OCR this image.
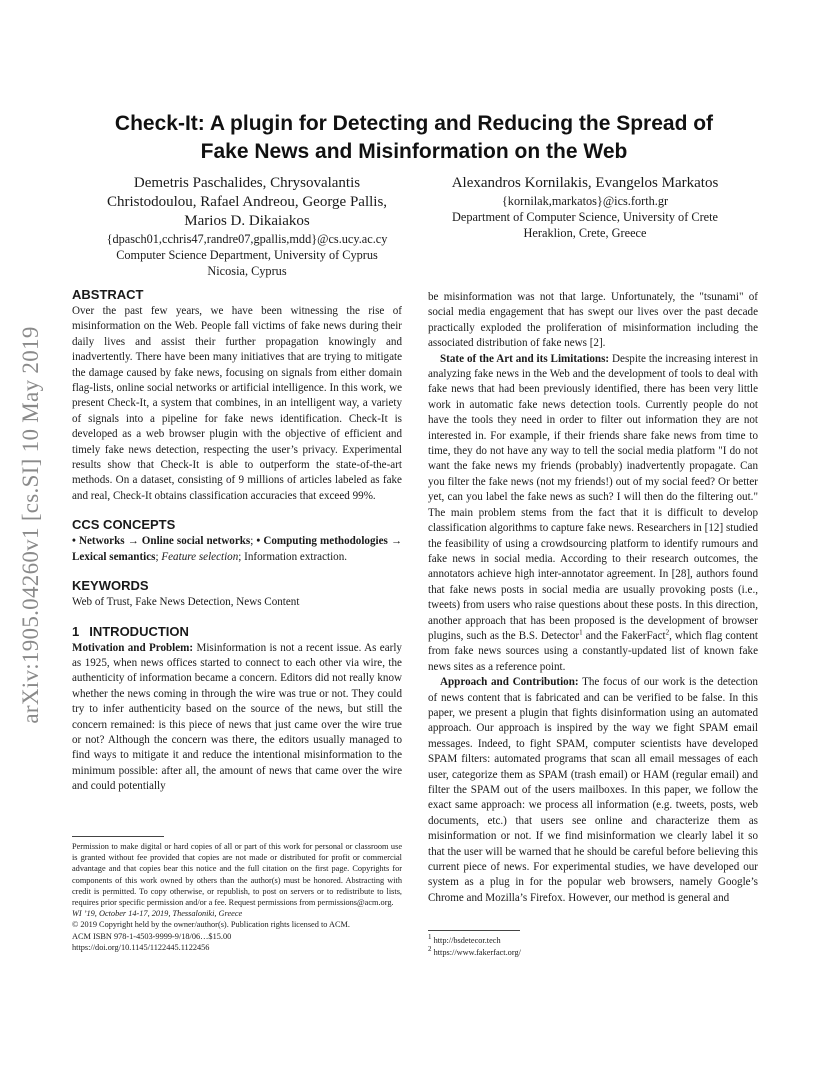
arXiv:1905.04260v1 [cs.SI] 10 May 2019
Check-It: A plugin for Detecting and Reducing the Spread of
Fake News and Misinformation on the Web
Demetris Paschalides, Chrysovalantis
Christodoulou, Rafael Andreou, George Pallis,
Marios D. Dikaiakos
{dpasch01,cchris47,randre07,gpallis,mdd}@cs.ucy.ac.cy
Computer Science Department, University of Cyprus
Nicosia, Cyprus
Alexandros Kornilakis, Evangelos Markatos
{kornilak,markatos}@ics.forth.gr
Department of Computer Science, University of Crete
Heraklion, Crete, Greece
ABSTRACT

Over the past few years, we have been witnessing the rise of misinformation on the Web. People fall victims of fake news during their daily lives and assist their further propagation knowingly and inadvertently. There have been many initiatives that are trying to mitigate the damage caused by fake news, focusing on signals from either domain flag-lists, online social networks or artificial intelligence. In this work, we present Check-It, a system that combines, in an intelligent way, a variety of signals into a pipeline for fake news identification. Check-It is developed as a web browser plugin with the objective of efficient and timely fake news detection, respecting the user’s privacy. Experimental results show that Check-It is able to outperform the state-of-the-art methods. On a dataset, consisting of 9 millions of articles labeled as fake and real, Check-It obtains classification accuracies that exceed 99%.

CCS CONCEPTS

• Networks → Online social networks; • Computing methodologies → Lexical semantics; Feature selection; Information extraction.

KEYWORDS

Web of Trust, Fake News Detection, News Content

1 INTRODUCTION

Motivation and Problem: Misinformation is not a recent issue. As early as 1925, when news offices started to connect to each other via wire, the authenticity of information became a concern. Editors did not really know whether the news coming in through the wire was true or not. They could try to infer authenticity based on the source of the news, but still the concern remained: is this piece of news that just came over the wire true or not? Although the concern was there, the editors usually managed to find ways to mitigate it and reduce the intentional misinformation to the minimum possible: after all, the amount of news that came over the wire and could potentially

Permission to make digital or hard copies of all or part of this work for personal or classroom use is granted without fee provided that copies are not made or distributed for profit or commercial advantage and that copies bear this notice and the full citation on the first page. Copyrights for components of this work owned by others than the author(s) must be honored. Abstracting with credit is permitted. To copy otherwise, or republish, to post on servers or to redistribute to lists, requires prior specific permission and/or a fee. Request permissions from permissions@acm.org.
WI ’19, October 14-17, 2019, Thessaloniki, Greece
© 2019 Copyright held by the owner/author(s). Publication rights licensed to ACM.
ACM ISBN 978-1-4503-9999-9/18/06…$15.00
https://doi.org/10.1145/1122445.1122456

be misinformation was not that large. Unfortunately, the "tsunami" of social media engagement that has swept our lives over the past decade practically exploded the proliferation of misinformation including the associated distribution of fake news [2].

State of the Art and its Limitations: Despite the increasing interest in analyzing fake news in the Web and the development of tools to deal with fake news that had been previously identified, there has been very little work in automatic fake news detection tools. Currently people do not have the tools they need in order to filter out information they are not interested in. For example, if their friends share fake news from time to time, they do not have any way to tell the social media platform "I do not want the fake news my friends (probably) inadvertently propagate. Can you filter the fake news (not my friends!) out of my social feed? Or better yet, can you label the fake news as such? I will then do the filtering out." The main problem stems from the fact that it is difficult to develop classification algorithms to capture fake news. Researchers in [12] studied the feasibility of using a crowdsourcing platform to identify rumours and fake news in social media. According to their research outcomes, the annotators achieve high inter-annotator agreement. In [28], authors found that fake news posts in social media are usually provoking posts (i.e., tweets) from users who raise questions about these posts. In this direction, another approach that has been proposed is the development of browser plugins, such as the B.S. Detector$^1$ and the FakerFact$^2$, which flag content from fake news sources using a constantly-updated list of known fake news sites as a reference point.

Approach and Contribution: The focus of our work is the detection of news content that is fabricated and can be verified to be false. In this paper, we present a plugin that fights disinformation using an automated approach. Our approach is inspired by the way we fight SPAM email messages. Indeed, to fight SPAM, computer scientists have developed SPAM filters: automated programs that scan all email messages of each user, categorize them as SPAM (trash email) or HAM (regular email) and filter the SPAM out of the users mailboxes. In this paper, we follow the exact same approach: we process all information (e.g. tweets, posts, web documents, etc.) that users see online and characterize them as misinformation or not. If we find misinformation we clearly label it so that the user will be warned that he should be careful before believing this current piece of news. For experimental studies, we have developed our system as a plug in for the popular web browsers, namely Google’s Chrome and Mozilla’s Firefox. However, our method is general and

$^1$ http://bsdetecor.tech
$^2$ https://www.fakerfact.org/
